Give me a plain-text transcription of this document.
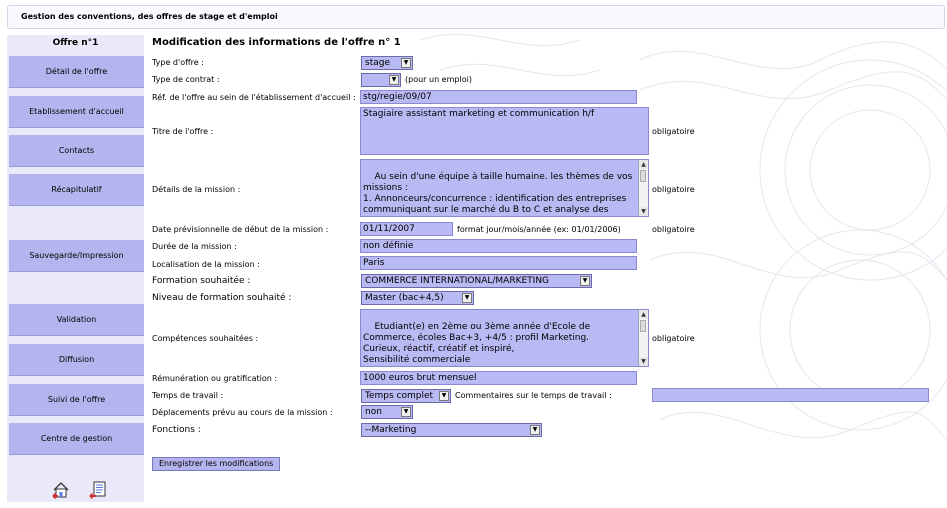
Gestion des conventions, des offres de stage et d'emploi
Offre n°1
Détail de l'offre
Etablissement d'accueil
Contacts
Récapitulatif
Sauvegarde/Impression
Validation
Diffusion
Suivi de l'offre
Centre de gestion
Modification des informations de l'offre n° 1
Type d'offre :	stage	▼
Type de contrat :	▼	(pour un emploi)
Réf. de l'offre au sein de l'établissement d'accueil : stg/regie/09/07
Titre de l'offre :
Stagiaire assistant marketing et communication h/f
obligatoire
Détails de la mission :

Au sein d'une équipe à taille humaine. les thèmes de vos missions :
1. Annonceurs/concurrence : identification des entreprises communiquant sur le marché du B to C et analyse des

▲

▼

obligatoire
Date prévisionnelle de début de la mission :	01/11/2007	format jour/mois/année (ex: 01/01/2006)	obligatoire
Durée de la mission :	non définie
Localisation de la mission :	Paris
Formation souhaitée :	COMMERCE INTERNATIONAL/MARKETING	▼
Niveau de formation souhaité :	Master (bac+4,5)	▼
Compétences souhaitées :

Etudiant(e) en 2ème ou 3ème année d'Ecole de Commerce, écoles Bac+3, +4/5 : profil Marketing.
Curieux, réactif, créatif et inspiré,
Sensibilité commerciale

▲

▼

obligatoire
Rémunération ou gratification :	1000 euros brut mensuel
Temps de travail :	Temps complet	▼	Commentaires sur le temps de travail :
Déplacements prévu au cours de la mission :	non	▼
Fonctions :	--Marketing	▼
Enregistrer les modifications
